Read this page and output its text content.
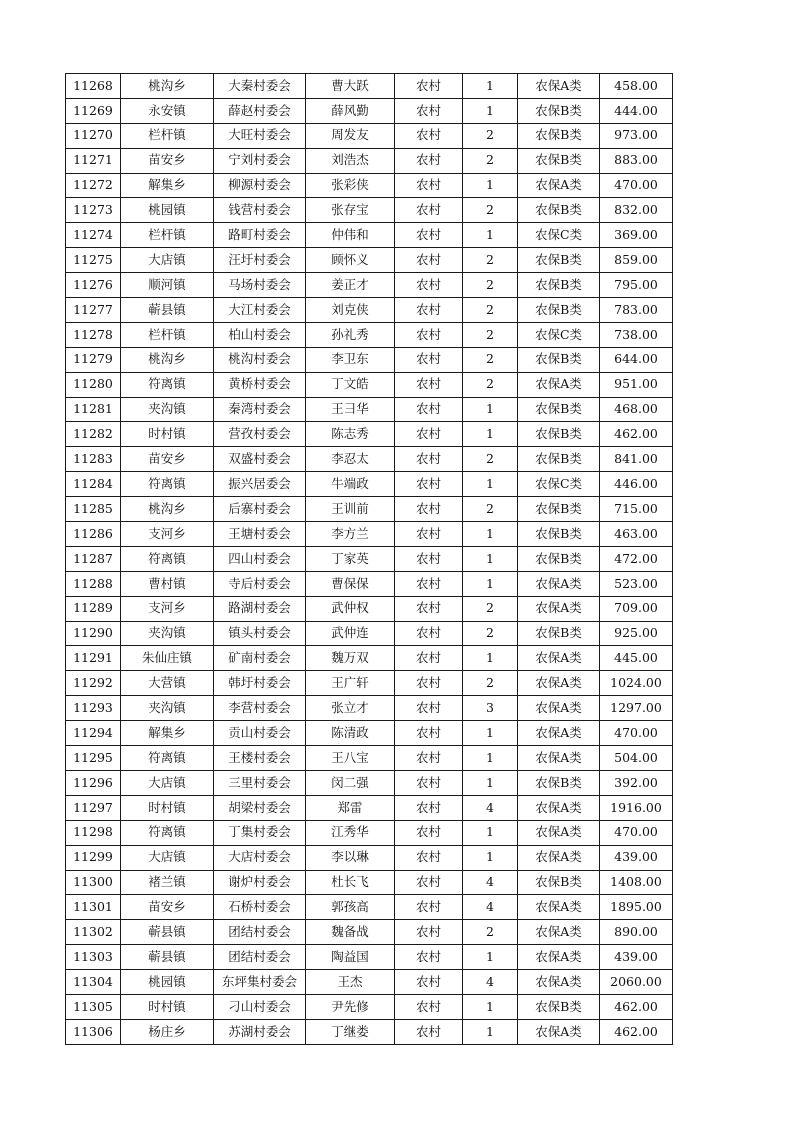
11268	桃沟乡	大秦村委会	曹大跃	农村	1	农保A类	458.00
11269	永安镇	薛赵村委会	薛风勤	农村	1	农保B类	444.00
11270	栏杆镇	大旺村委会	周发友	农村	2	农保B类	973.00
11271	苗安乡	宁刘村委会	刘浩杰	农村	2	农保B类	883.00
11272	解集乡	柳源村委会	张彩侠	农村	1	农保A类	470.00
11273	桃园镇	钱营村委会	张存宝	农村	2	农保B类	832.00
11274	栏杆镇	路町村委会	仲伟和	农村	1	农保C类	369.00
11275	大店镇	汪圩村委会	顾怀义	农村	2	农保B类	859.00
11276	顺河镇	马场村委会	姜正才	农村	2	农保B类	795.00
11277	蕲县镇	大江村委会	刘克侠	农村	2	农保B类	783.00
11278	栏杆镇	柏山村委会	孙礼秀	农村	2	农保C类	738.00
11279	桃沟乡	桃沟村委会	李卫东	农村	2	农保B类	644.00
11280	符离镇	黄桥村委会	丁文皓	农村	2	农保A类	951.00
11281	夹沟镇	秦湾村委会	王彐华	农村	1	农保B类	468.00
11282	时村镇	营孜村委会	陈志秀	农村	1	农保B类	462.00
11283	苗安乡	双盛村委会	李忍太	农村	2	农保B类	841.00
11284	符离镇	振兴居委会	牛端政	农村	1	农保C类	446.00
11285	桃沟乡	后寨村委会	王训前	农村	2	农保B类	715.00
11286	支河乡	王塘村委会	李方兰	农村	1	农保B类	463.00
11287	符离镇	四山村委会	丁家英	农村	1	农保B类	472.00
11288	曹村镇	寺后村委会	曹保保	农村	1	农保A类	523.00
11289	支河乡	路湖村委会	武仲权	农村	2	农保A类	709.00
11290	夹沟镇	镇头村委会	武仲连	农村	2	农保B类	925.00
11291	朱仙庄镇	矿南村委会	魏万双	农村	1	农保A类	445.00
11292	大营镇	韩圩村委会	王广轩	农村	2	农保A类	1024.00
11293	夹沟镇	李营村委会	张立才	农村	3	农保A类	1297.00
11294	解集乡	贡山村委会	陈清政	农村	1	农保A类	470.00
11295	符离镇	王楼村委会	王八宝	农村	1	农保A类	504.00
11296	大店镇	三里村委会	闵二强	农村	1	农保B类	392.00
11297	时村镇	胡梁村委会	郑雷	农村	4	农保A类	1916.00
11298	符离镇	丁集村委会	江秀华	农村	1	农保A类	470.00
11299	大店镇	大店村委会	李以琳	农村	1	农保A类	439.00
11300	褚兰镇	谢炉村委会	杜长飞	农村	4	农保B类	1408.00
11301	苗安乡	石桥村委会	郭孩高	农村	4	农保A类	1895.00
11302	蕲县镇	团结村委会	魏备战	农村	2	农保A类	890.00
11303	蕲县镇	团结村委会	陶益国	农村	1	农保A类	439.00
11304	桃园镇	东坪集村委会	王杰	农村	4	农保A类	2060.00
11305	时村镇	刁山村委会	尹先修	农村	1	农保B类	462.00
11306	杨庄乡	苏湖村委会	丁继娄	农村	1	农保A类	462.00
